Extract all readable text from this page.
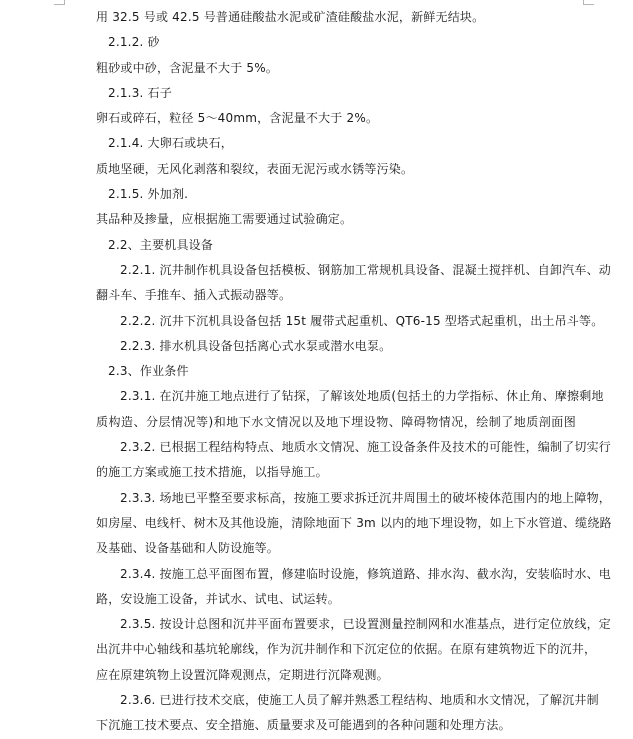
用 32.5 号或 42.5 号普通硅酸盐水泥或矿渣硅酸盐水泥，新鲜无结块。
2.1.2. 砂
粗砂或中砂，含泥量不大于 5%。
2.1.3. 石子
卵石或碎石，粒径 5～40mm，含泥量不大于 2%。
2.1.4. 大卵石或块石，
质地坚硬，无风化剥落和裂纹，表面无泥污或水锈等污染。
2.1.5. 外加剂.
其品种及掺量，应根据施工需要通过试验确定。
2.2、主要机具设备
2.2.1. 沉井制作机具设备包括模板、钢筋加工常规机具设备、混凝土搅拌机、自卸汽车、动
翻斗车、手推车、插入式振动器等。
2.2.2. 沉井下沉机具设备包括 15t 履带式起重机、QT6-15 型塔式起重机，出土吊斗等。
2.2.3. 排水机具设备包括离心式水泵或潜水电泵。
2.3、作业条件
2.3.1. 在沉井施工地点进行了钻探，了解该处地质(包括土的力学指标、休止角、摩擦剩地
质构造、分层情况等)和地下水文情况以及地下埋设物、障碍物情况，绘制了地质剖面图
2.3.2. 已根据工程结构特点、地质水文情况、施工设备条件及技术的可能性，编制了切实行
的施工方案或施工技术措施，以指导施工。
2.3.3. 场地已平整至要求标高，按施工要求拆迁沉井周围土的破坏棱体范围内的地上障物，
如房屋、电线杆、树木及其他设施，清除地面下 3m 以内的地下埋设物，如上下水管道、缆绕路
及基础、设备基础和人防设施等。
2.3.4. 按施工总平面图布置，修建临时设施，修筑道路、排水沟、截水沟，安装临时水、电
路，安设施工设备，并试水、试电、试运转。
2.3.5. 按设计总图和沉井平面布置要求，已设置测量控制网和水准基点，进行定位放线，定
出沉井中心轴线和基坑轮廓线，作为沉井制作和下沉定位的依据。在原有建筑物近下的沉井，
应在原建筑物上设置沉降观测点，定期进行沉降观测。
2.3.6. 已进行技术交底，使施工人员了解并熟悉工程结构、地质和水文情况，了解沉井制
下沉施工技术要点、安全措施、质量要求及可能遇到的各种问题和处理方法。
